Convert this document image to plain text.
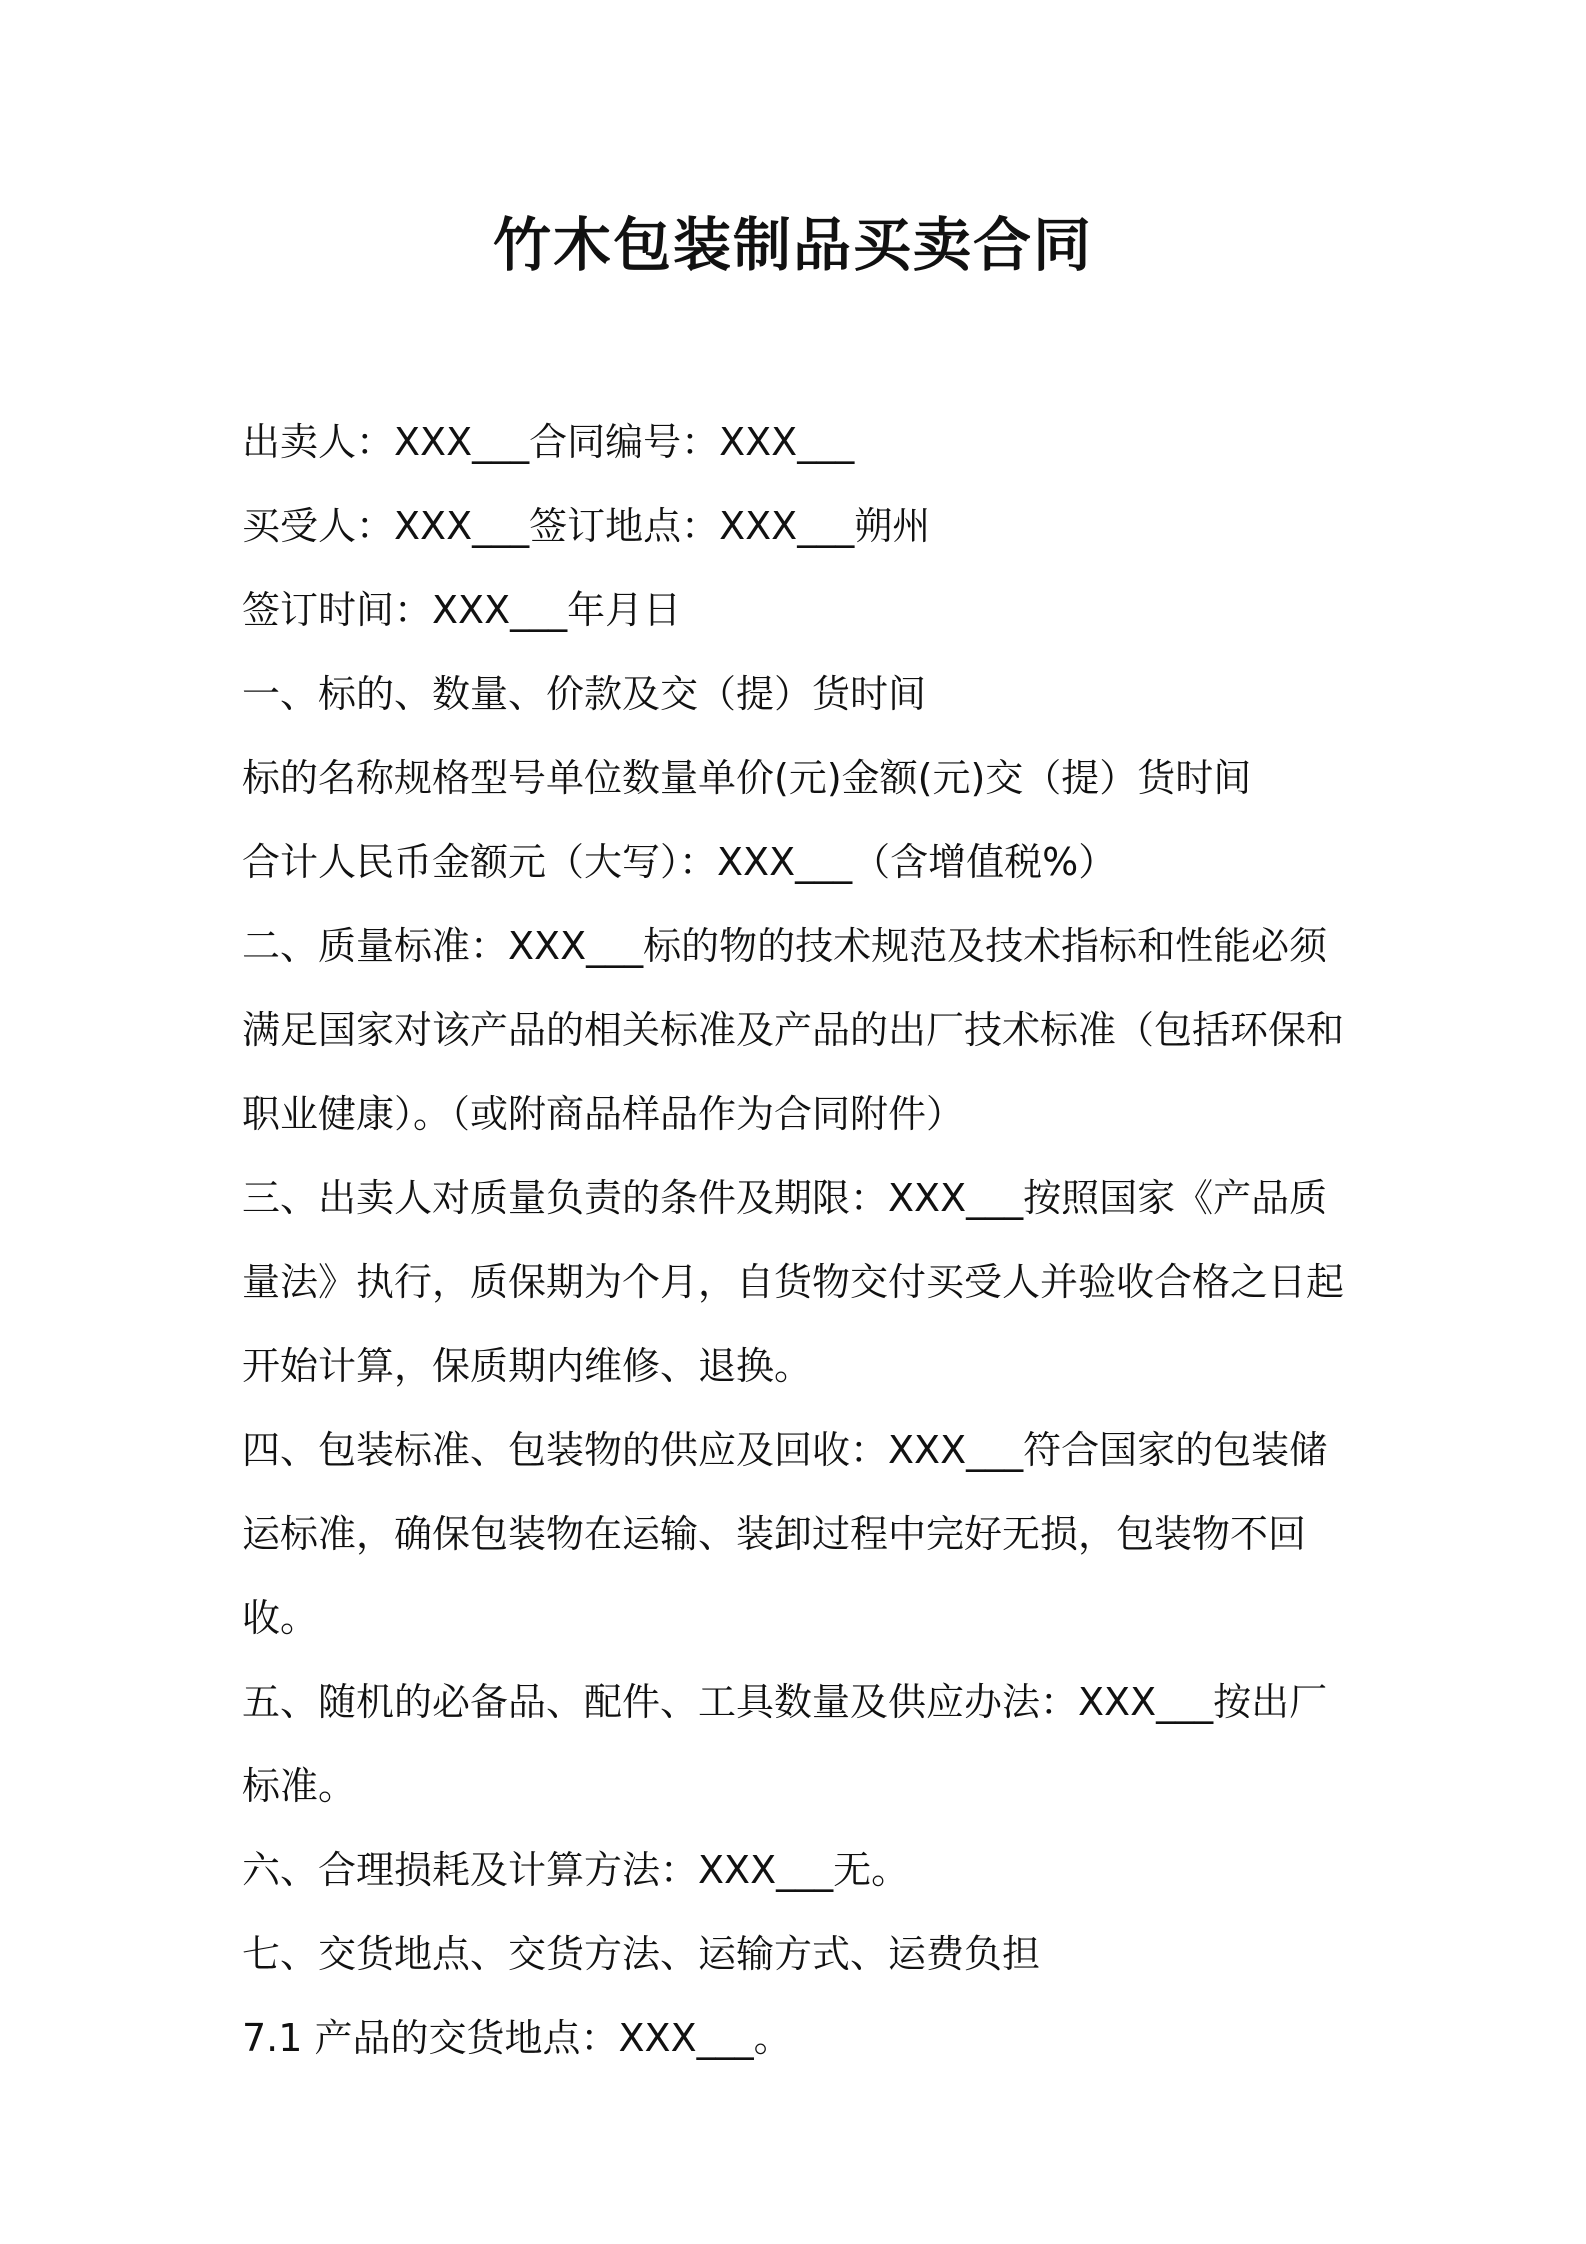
竹木包装制品买卖合同

出卖人：XXX___合同编号：XXX___

买受人：XXX___签订地点：XXX___朔州

签订时间：XXX___年月日

一、标的、数量、价款及交（提）货时间

标的名称规格型号单位数量单价(元)金额(元)交（提）货时间

合计人民币金额元（大写）：XXX___（含增值税%）

二、质量标准：XXX___标的物的技术规范及技术指标和性能必须满足国家对该产品的相关标准及产品的出厂技术标准（包括环保和职业健康）。（或附商品样品作为合同附件）

三、出卖人对质量负责的条件及期限：XXX___按照国家《产品质量法》执行，质保期为个月，自货物交付买受人并验收合格之日起开始计算，保质期内维修、退换。

四、包装标准、包装物的供应及回收：XXX___符合国家的包装储运标准，确保包装物在运输、装卸过程中完好无损，包装物不回收。

五、随机的必备品、配件、工具数量及供应办法：XXX___按出厂标准。

六、合理损耗及计算方法：XXX___无。

七、交货地点、交货方法、运输方式、运费负担

7.1 产品的交货地点：XXX___。
